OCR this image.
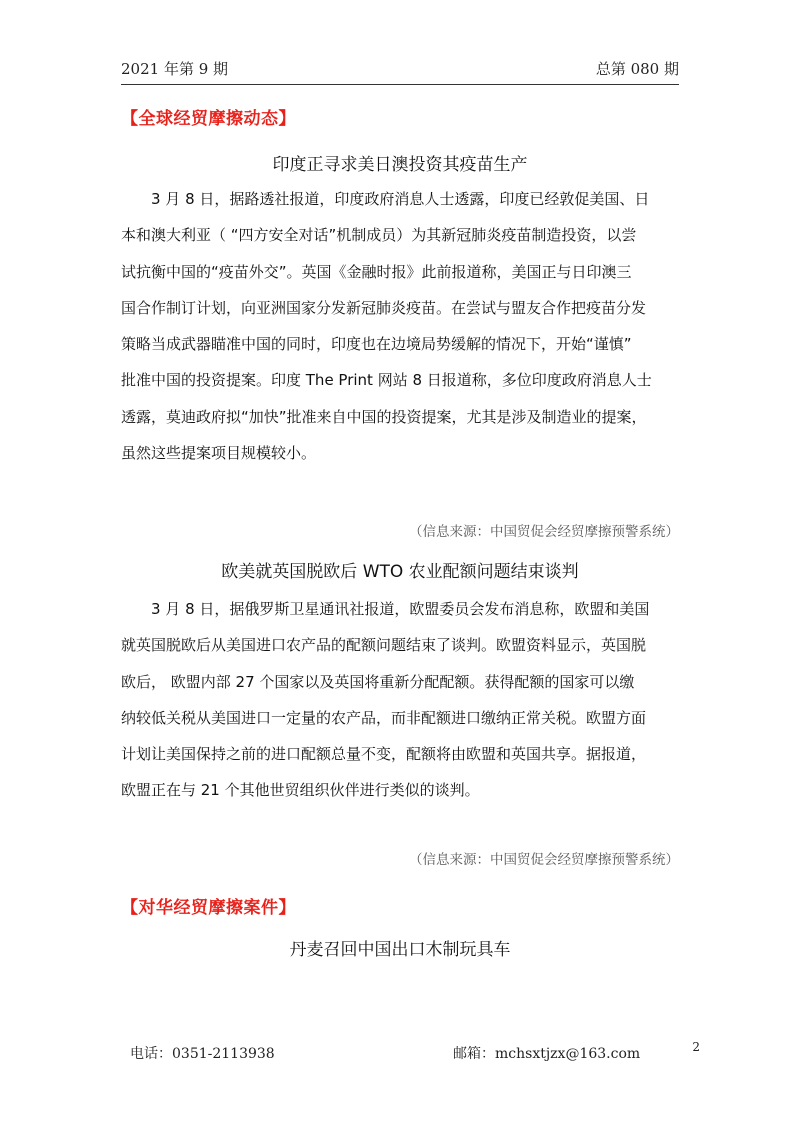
2021 年第 9 期	总第 080 期
【全球经贸摩擦动态】
印度正寻求美日澳投资其疫苗生产
3 月 8 日，据路透社报道，印度政府消息人士透露，印度已经敦促美国、日
本和澳大利亚（ “四方安全对话”机制成员）为其新冠肺炎疫苗制造投资，以尝
试抗衡中国的“疫苗外交”。英国《金融时报》此前报道称，美国正与日印澳三
国合作制订计划，向亚洲国家分发新冠肺炎疫苗。在尝试与盟友合作把疫苗分发
策略当成武器瞄准中国的同时，印度也在边境局势缓解的情况下，开始“谨慎”
批准中国的投资提案。印度 The Print 网站 8 日报道称，多位印度政府消息人士
透露，莫迪政府拟“加快”批准来自中国的投资提案，尤其是涉及制造业的提案，
虽然这些提案项目规模较小。
（信息来源：中国贸促会经贸摩擦预警系统）
欧美就英国脱欧后 WTO 农业配额问题结束谈判
3 月 8 日，据俄罗斯卫星通讯社报道，欧盟委员会发布消息称，欧盟和美国
就英国脱欧后从美国进口农产品的配额问题结束了谈判。欧盟资料显示，英国脱
欧后， 欧盟内部 27 个国家以及英国将重新分配配额。获得配额的国家可以缴
纳较低关税从美国进口一定量的农产品，而非配额进口缴纳正常关税。欧盟方面
计划让美国保持之前的进口配额总量不变，配额将由欧盟和英国共享。据报道，
欧盟正在与 21 个其他世贸组织伙伴进行类似的谈判。
（信息来源：中国贸促会经贸摩擦预警系统）
【对华经贸摩擦案件】
丹麦召回中国出口木制玩具车
电话：0351-2113938	邮箱：mchsxtjzx@163.com	2
